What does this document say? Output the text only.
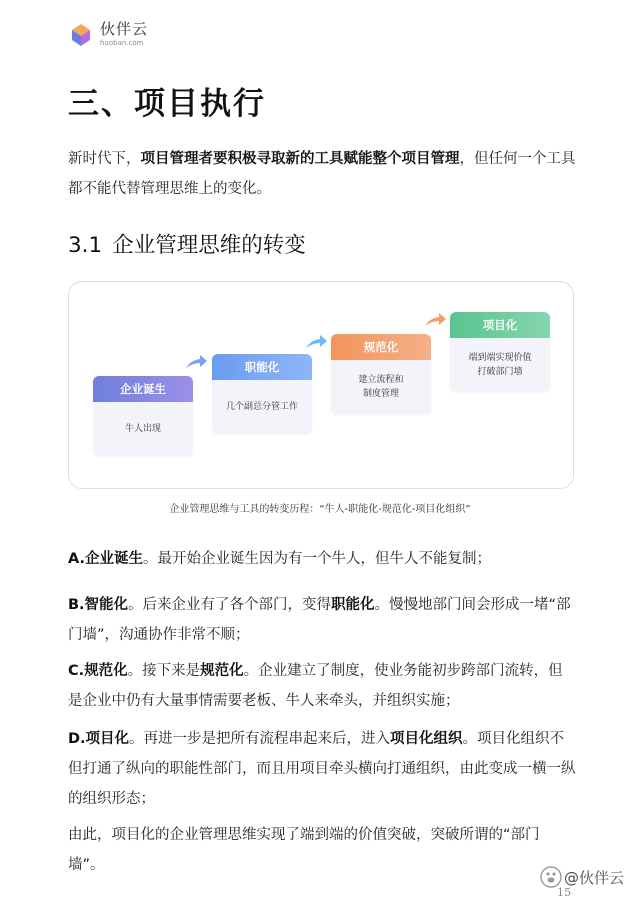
伙伴云
huoban.com
三、项目执行

新时代下，项目管理者要积极寻取新的工具赋能整个项目管理，但任何一个工具都不能代替管理思维上的变化。

3.1 企业管理思维的转变
企业诞生
牛人出现
职能化
几个副总分管工作
规范化
建立流程和
制度管理
项目化
端到端实现价值
打破部门墙

企业管理思维与工具的转变历程：“牛人-职能化-规范化-项目化组织”

A.企业诞生。最开始企业诞生因为有一个牛人，但牛人不能复制；

B.智能化。后来企业有了各个部门，变得职能化。慢慢地部门间会形成一堵“部门墙”，沟通协作非常不顺；

C.规范化。接下来是规范化。企业建立了制度，使业务能初步跨部门流转，但是企业中仍有大量事情需要老板、牛人来牵头，并组织实施；

D.项目化。再进一步是把所有流程串起来后，进入项目化组织。项目化组织不但打通了纵向的职能性部门，而且用项目牵头横向打通组织，由此变成一横一纵的组织形态；

由此，项目化的企业管理思维实现了端到端的价值突破，突破所谓的“部门墙”。

@伙伴云
15
